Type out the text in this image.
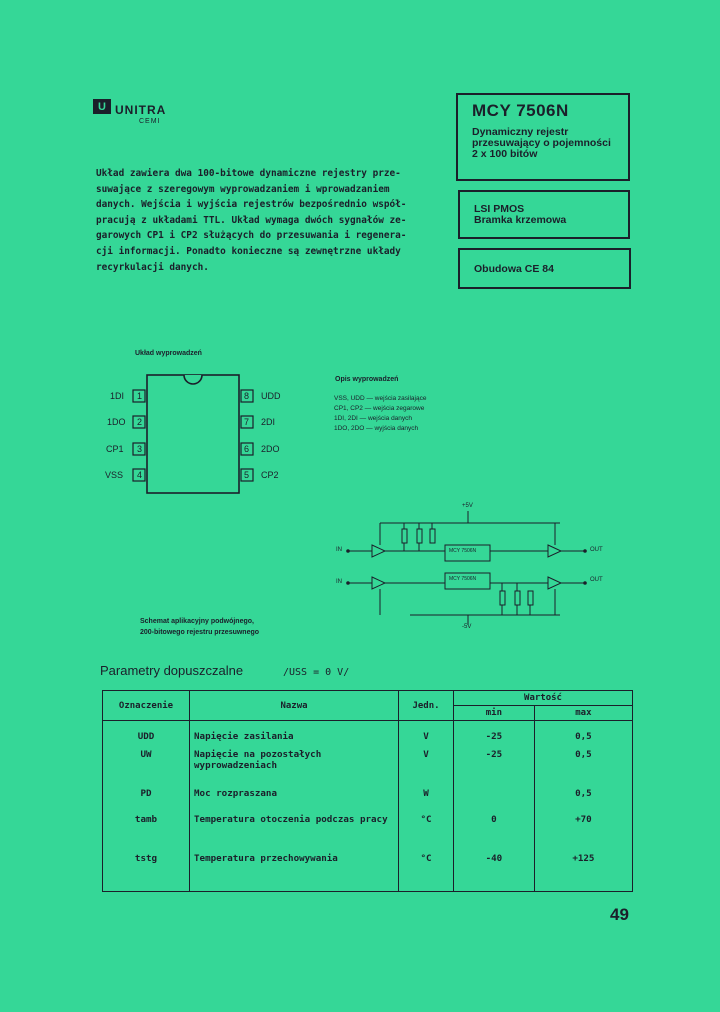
U UNITRA
CEMI
MCY 7506N
Dynamiczny rejestr
przesuwający o pojemności
2 x 100 bitów
LSI PMOS
Bramka krzemowa
Obudowa CE 84
Układ zawiera dwa 100-bitowe dynamiczne rejestry prze-
suwające z szeregowym wyprowadzaniem i wprowadzaniem
danych. Wejścia i wyjścia rejestrów bezpośrednio współ-
pracują z układami TTL. Układ wymaga dwóch sygnałów ze-
garowych CP1 i CP2 służących do przesuwania i regenera-
cji informacji. Ponadto konieczne są zewnętrzne układy
recyrkulacji danych.
Układ wyprowadzeń
1
1DI
2
1DO
3
CP1
4
VSS
8 UDD
7 2DI
6 2DO
5 CP2
Opis wyprowadzeń
VSS, UDD — wejścia zasilające
CP1, CP2 — wejścia zegarowe
1DI, 2DI — wejścia danych
1DO, 2DO — wyjścia danych
+5V
-5V
IN
IN
OUT
OUT
MCY 7506N
MCY 7506N
Schemat aplikacyjny podwójnego,
200-bitowego rejestru przesuwnego
Parametry dopuszczalne	/USS = 0 V/
Oznaczenie	Nazwa	Jedn.	Wartość	
			min	max
UDD	Napięcie zasilania	V	-25	0,5
UW	Napięcie na pozostałych wyprowadzeniach	V	-25	0,5
PD	Moc rozpraszana	W		0,5
tamb	Temperatura otoczenia podczas pracy	°C	0	+70
tstg	Temperatura przechowywania	°C	-40	+125
49
